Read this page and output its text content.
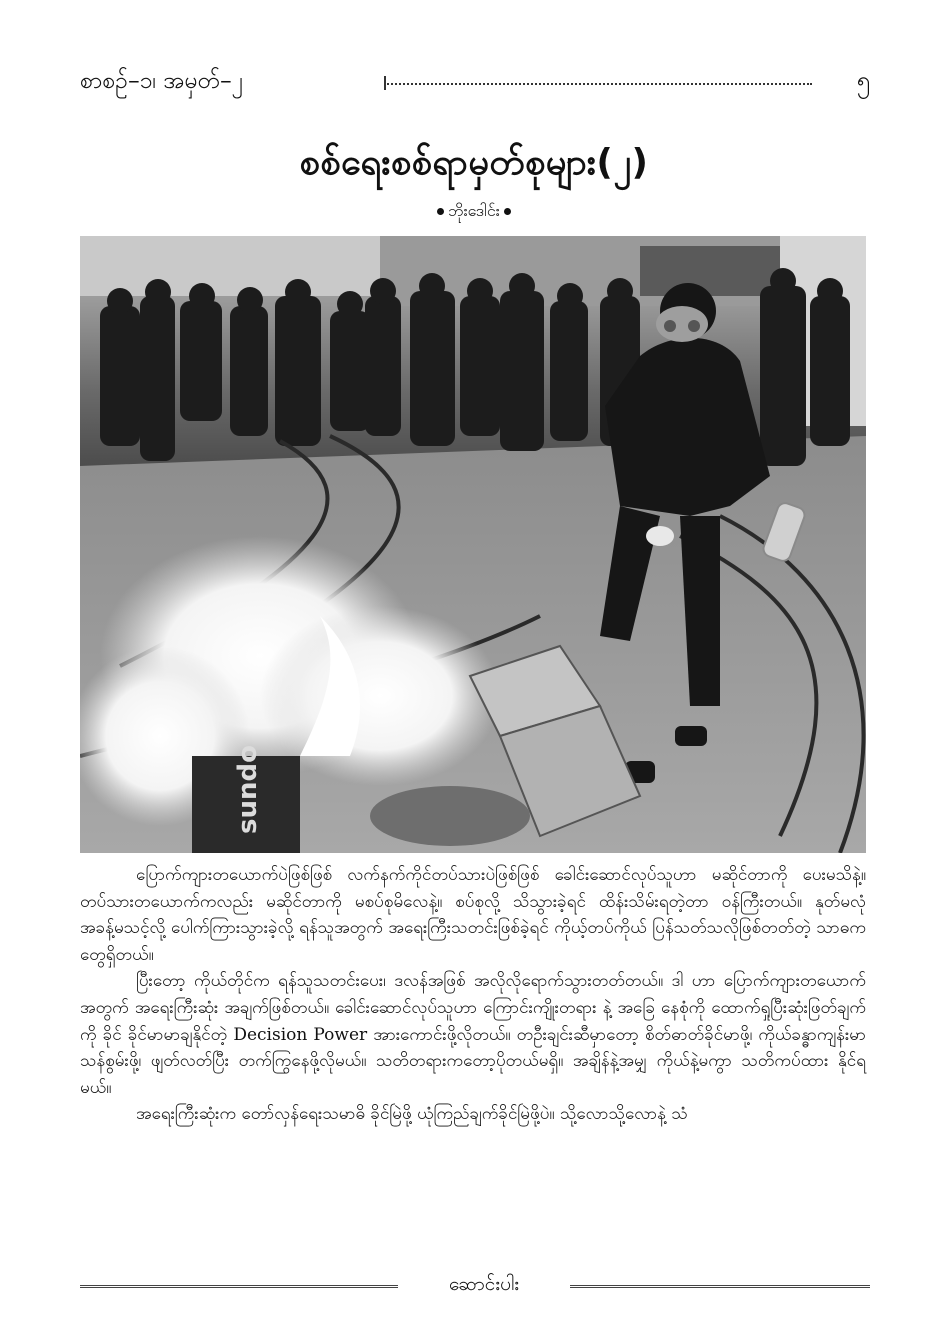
စာစဉ်–၁၊ အမှတ်–၂	၅
စစ်ရေးစစ်ရာမှတ်စုများ(၂)
ဘိုးဒေါင်း
sundo

ပြောက်ကျားတယောက်ပဲဖြစ်ဖြစ် လက်နက်ကိုင်တပ်သားပဲဖြစ်ဖြစ် ခေါင်းဆောင်လုပ်သူဟာ မဆိုင်တာကို ပေးမသိနဲ့။ တပ်သားတယောက်ကလည်း မဆိုင်တာကို မစပ်စုမိလေနဲ့။ စပ်စုလို့ သိသွားခဲ့ရင် ထိန်းသိမ်းရတဲ့တာ ဝန်ကြီးတယ်။ နုတ်မလုံ အခန့်မသင့်လို့ ပေါက်ကြားသွားခဲ့လို့ ရန်သူအတွက် အရေးကြီးသတင်းဖြစ်ခဲ့ရင် ကိုယ့်တပ်ကိုယ် ပြန်သတ်သလိုဖြစ်တတ်တဲ့ သာဓကတွေရှိတယ်။

ပြီးတော့ ကိုယ်တိုင်က ရန်သူသတင်းပေး၊ ဒလန်အဖြစ် အလိုလိုရောက်သွားတတ်တယ်။ ဒါ ဟာ ပြောက်ကျားတယောက်အတွက် အရေးကြီးဆုံး အချက်ဖြစ်တယ်။ ခေါင်းဆောင်လုပ်သူဟာ ကြောင်းကျိုးတရား နဲ့ အခြေ နေစုံကို ထောက်ရှုပြီးဆုံးဖြတ်ချက်ကို ခိုင် ခိုင်မာမာချနိုင်တဲ့ Decision Power အားကောင်းဖို့လိုတယ်။ တဦးချင်းဆီမှာတော့ စိတ်ဓာတ်ခိုင်မာဖို့၊ ကိုယ်ခန္ဓာကျန်းမာသန်စွမ်းဖို့၊ ဖျတ်လတ်ပြီး တက်ကြွနေဖို့လိုမယ်။ သတိတရားကတော့ပိုတယ်မရှိ။ အချိန်နဲ့အမျှ ကိုယ်နဲ့မကွာ သတိကပ်ထား နိုင်ရမယ်။

အရေးကြီးဆုံးက တော်လှန်ရေးသမာဓိ ခိုင်မြဲဖို့ ယုံကြည်ချက်ခိုင်မြဲဖို့ပဲ။ သို့လောသို့လောနဲ့ သံ

ဆောင်းပါး
